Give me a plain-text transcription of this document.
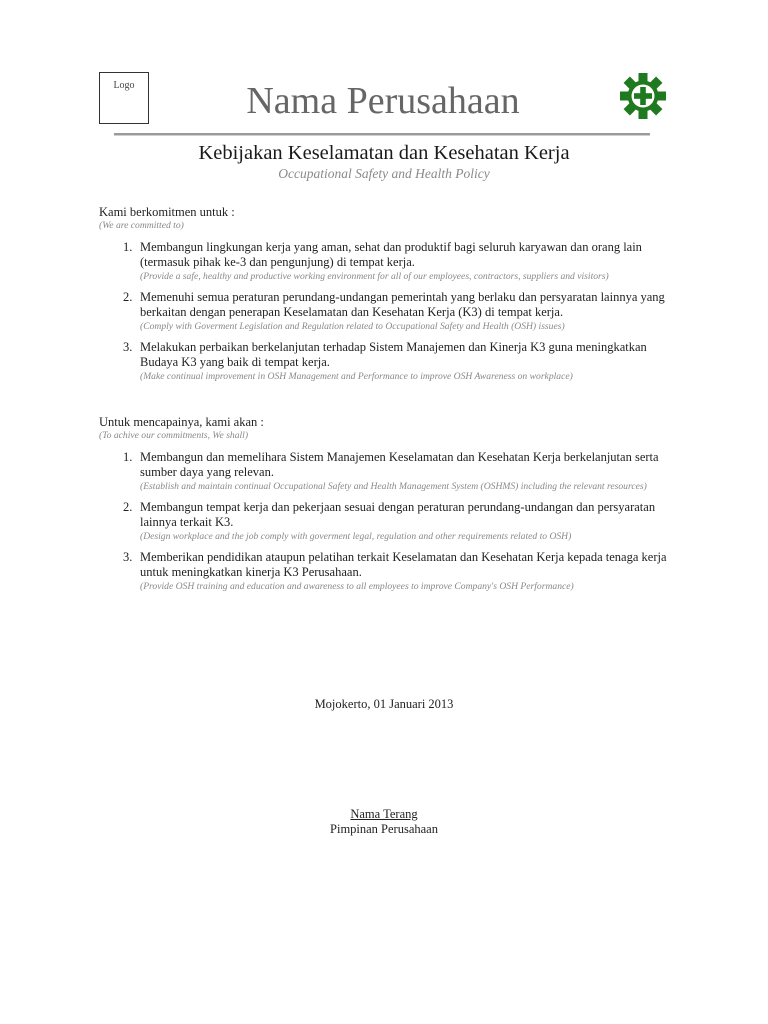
Logo	Nama Perusahaan
Kebijakan Keselamatan dan Kesehatan Kerja
Occupational Safety and Health Policy
Kami berkomitmen untuk :
(We are committed to)
1. Membangun lingkungan kerja yang aman, sehat dan produktif bagi seluruh karyawan dan orang lain (termasuk pihak ke-3 dan pengunjung) di tempat kerja.
(Provide a safe, healthy and productive working environment for all of our employees, contractors, suppliers and visitors)
2. Memenuhi semua peraturan perundang-undangan pemerintah yang berlaku dan persyaratan lainnya yang berkaitan dengan penerapan Keselamatan dan Kesehatan Kerja (K3) di tempat kerja.
(Comply with Goverment Legislation and Regulation related to Occupational Safety and Health (OSH) issues)
3. Melakukan perbaikan berkelanjutan terhadap Sistem Manajemen dan Kinerja K3 guna meningkatkan Budaya K3 yang baik di tempat kerja.
(Make continual improvement in OSH Management and Performance to improve OSH Awareness on workplace)
Untuk mencapainya, kami akan :
(To achive our commitments, We shall)
1. Membangun dan memelihara Sistem Manajemen Keselamatan dan Kesehatan Kerja berkelanjutan serta sumber daya yang relevan.
(Establish and maintain continual Occupational Safety and Health Management System (OSHMS) including the relevant resources)
2. Membangun tempat kerja dan pekerjaan sesuai dengan peraturan perundang-undangan dan persyaratan lainnya terkait K3.
(Design workplace and the job comply with goverment legal, regulation and other requirements related to OSH)
3. Memberikan pendidikan ataupun pelatihan terkait Keselamatan dan Kesehatan Kerja kepada tenaga kerja untuk meningkatkan kinerja K3 Perusahaan.
(Provide OSH training and education and awareness to all employees to improve Company's OSH Performance)
Mojokerto, 01 Januari 2013
Nama Terang
Pimpinan Perusahaan
